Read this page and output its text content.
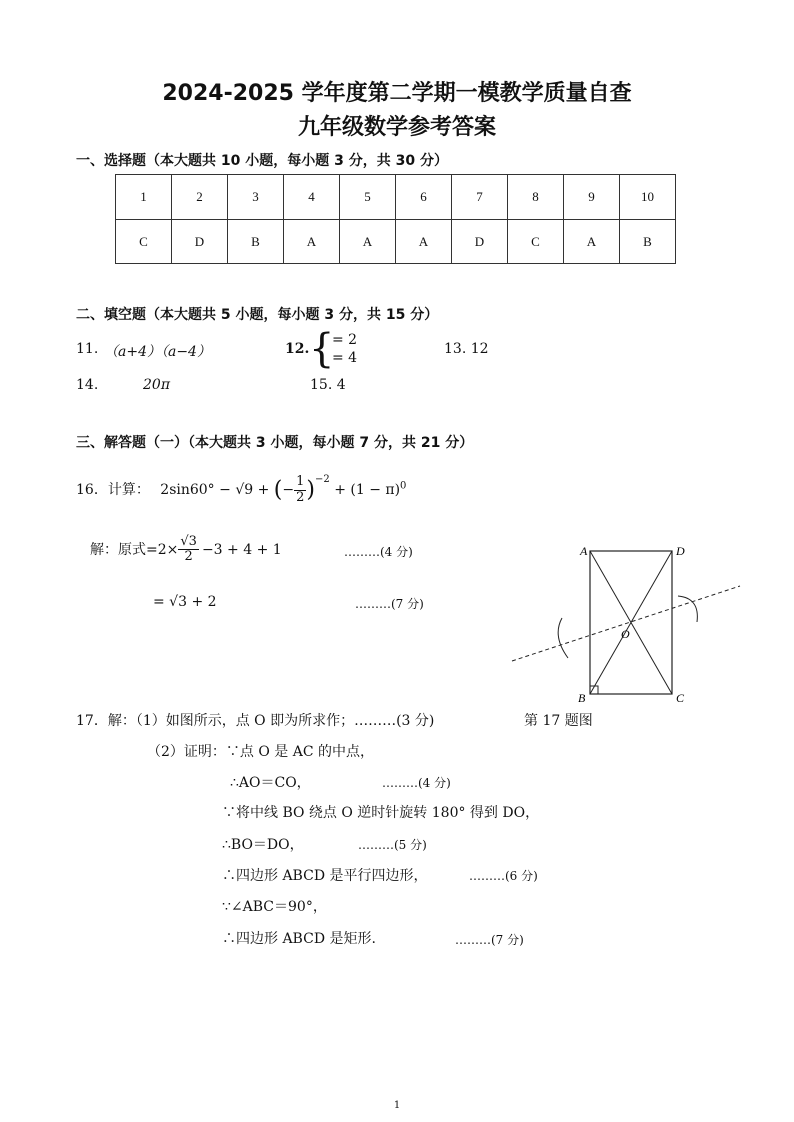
2024-2025 学年度第二学期一模教学质量自查
九年级数学参考答案
一、选择题（本大题共 10 小题，每小题 3 分，共 30 分）
1	2	3	4	5	6	7	8	9	10
C	D	B	A	A	A	D	C	A	B
二、填空题（本大题共 5 小题，每小题 3 分，共 15 分）
11. （a+4）（a−4）	12. {
= 2
= 4
13. 12
14.	20π	15. 4
三、解答题（一）（本大题共 3 小题，每小题 7 分，共 21 分）
16．计算： 2sin60° − √9 + (− $\frac{1}{2} )^{-2} + (1 - \pi)^0$
解：原式$=2\times \frac{√3}{2} -3 + 4 + 1$	………(4 分)
= √3 + 2	………(7 分)
A	D
B	C
O
17．解：（1）如图所示，点 O 即为所求作；………(3 分)	第 17 题图
（2）证明：∵点 O 是 AC 的中点，
∴AO＝CO，	………(4 分)
∵将中线 BO 绕点 O 逆时针旋转 180° 得到 DO，
∴BO＝DO，	………(5 分)
∴四边形 ABCD 是平行四边形，	………(6 分)
∵∠ABC＝90°，
∴四边形 ABCD 是矩形.	………(7 分)
1
